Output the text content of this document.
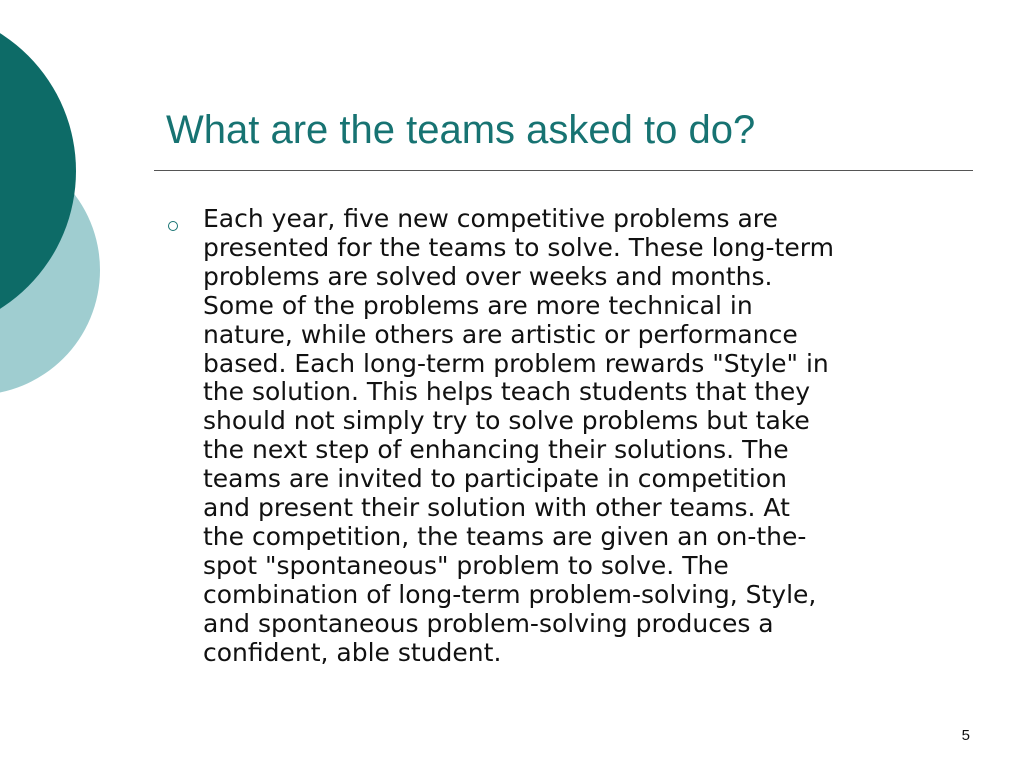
What are the teams asked to do?
Each year, five new competitive problems are
presented for the teams to solve. These long-term
problems are solved over weeks and months.
Some of the problems are more technical in
nature, while others are artistic or performance
based. Each long-term problem rewards "Style" in
the solution. This helps teach students that they
should not simply try to solve problems but take
the next step of enhancing their solutions. The
teams are invited to participate in competition
and present their solution with other teams. At
the competition, the teams are given an on-the-
spot "spontaneous" problem to solve. The
combination of long-term problem-solving, Style,
and spontaneous problem-solving produces a
confident, able student.
5
